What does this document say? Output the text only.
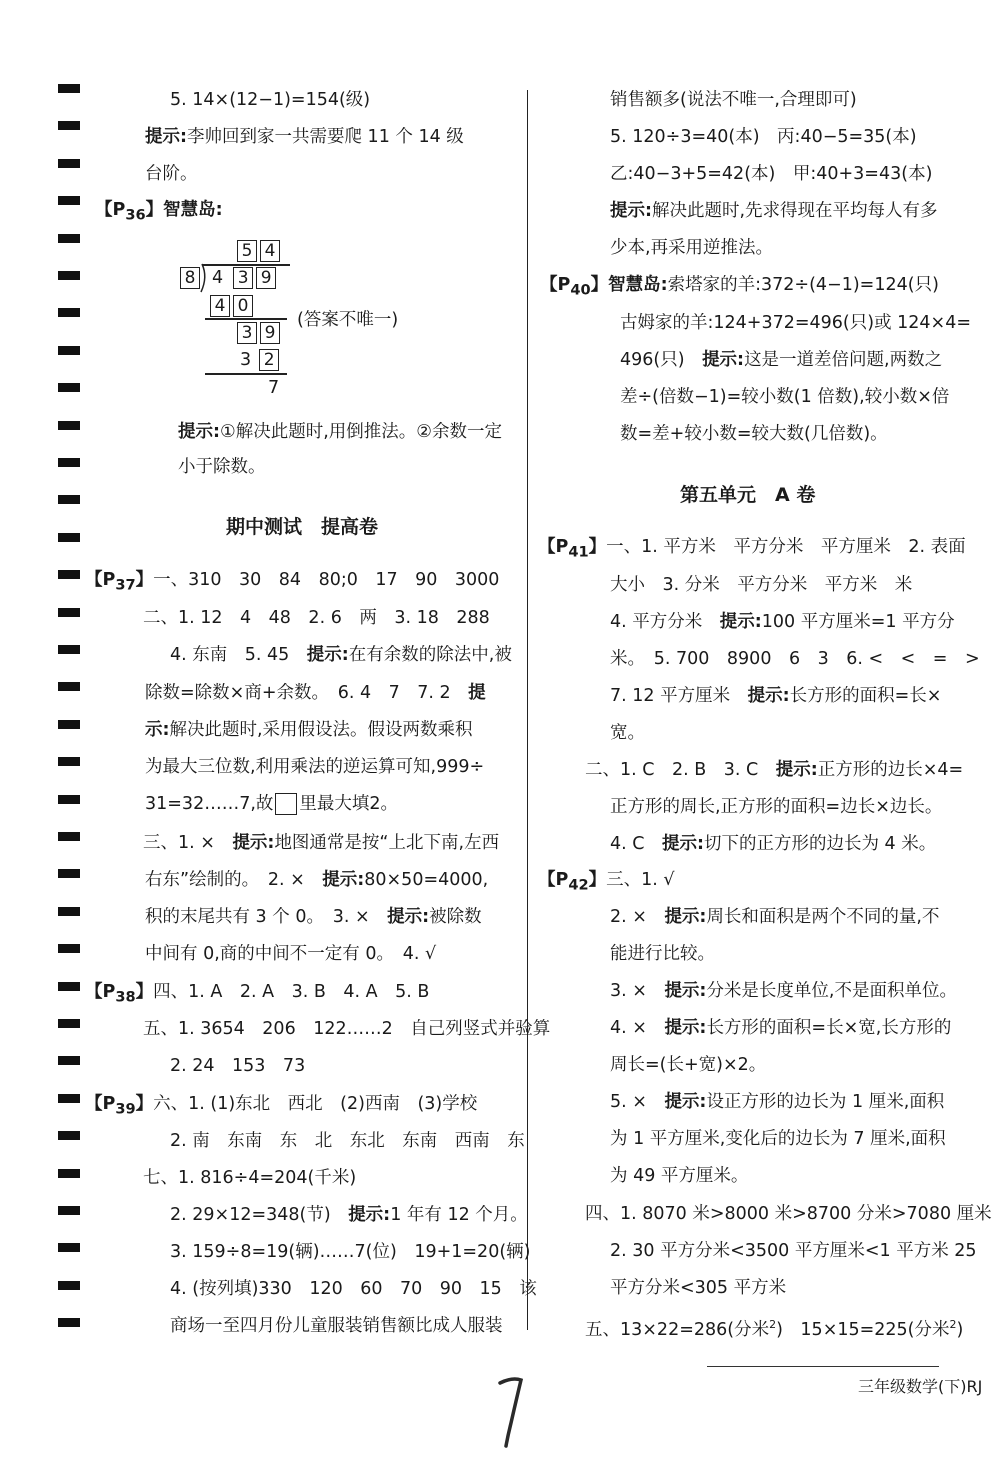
5. 14×(12−1)=154(级)
提示:李帅回到家一共需要爬 11 个 14 级
台阶。
【$P_{36}$】智慧岛:
5 4
8 4 3 9
4 0
3 9
(答案不唯一)
3 2
7
提示:①解决此题时,用倒推法。②余数一定
小于除数。
期中测试　提高卷
【$P_{37}$】一、310　30　84　80;0　17　90　3000
二、1. 12　4　48　2. 6　两　3. 18　288
4. 东南　5. 45　提示:在有余数的除法中,被
除数=除数×商+余数。　6. 4　7　7. 2　提
示:解决此题时,采用假设法。假设两数乘积
为最大三位数,利用乘法的逆运算可知,999÷
31=32……7,故 里最大填2。
三、1. ×　提示:地图通常是按“上北下南,左西
右东”绘制的。　2. ×　提示:80×50=4000,
积的末尾共有 3 个 0。　3. ×　提示:被除数
中间有 0,商的中间不一定有 0。　4. √
【$P_{38}$】四、1. A　2. A　3. B　4. A　5. B
五、1. 3654　206　122……2　自己列竖式并验算
2. 24　153　73
【$P_{39}$】六、1. (1)东北　西北　(2)西南　(3)学校
2. 南　东南　东　北　东北　东南　西南　东
七、1. 816÷4=204(千米)
2. 29×12=348(节)　提示:1 年有 12 个月。
3. 159÷8=19(辆)……7(位)　19+1=20(辆)
4. (按列填)330　120　60　70　90　15　该
商场一至四月份儿童服装销售额比成人服装
销售额多(说法不唯一,合理即可)
5. 120÷3=40(本)　丙:40−5=35(本)
乙:40−3+5=42(本)　甲:40+3=43(本)
提示:解决此题时,先求得现在平均每人有多
少本,再采用逆推法。
【$P_{40}$】智慧岛:索塔家的羊:372÷(4−1)=124(只)
古姆家的羊:124+372=496(只)或 124×4=
496(只)　提示:这是一道差倍问题,两数之
差÷(倍数−1)=较小数(1 倍数),较小数×倍
数=差+较小数=较大数(几倍数)。
第五单元　A 卷
【$P_{41}$】一、1. 平方米　平方分米　平方厘米　2. 表面
大小　3. 分米　平方分米　平方米　米
4. 平方分米　提示:100 平方厘米=1 平方分
米。　5. 700　8900　6　3　6. <　<　=　>
7. 12 平方厘米　提示:长方形的面积=长×
宽。
二、1. C　2. B　3. C　提示:正方形的边长×4=
正方形的周长,正方形的面积=边长×边长。
4. C　提示:切下的正方形的边长为 4 米。
【$P_{42}$】三、1. √
2. ×　提示:周长和面积是两个不同的量,不
能进行比较。
3. ×　提示:分米是长度单位,不是面积单位。
4. ×　提示:长方形的面积=长×宽,长方形的
周长=(长+宽)×2。
5. ×　提示:设正方形的边长为 1 厘米,面积
为 1 平方厘米,变化后的边长为 7 厘米,面积
为 49 平方厘米。
四、1. 8070 米>8000 米>8700 分米>7080 厘米
2. 30 平方分米<3500 平方厘米<1 平方米 25
平方分米<305 平方米
五、13×22=286(分米$^2$)　15×15=225(分米$^2$)
三年级数学(下)RJ
